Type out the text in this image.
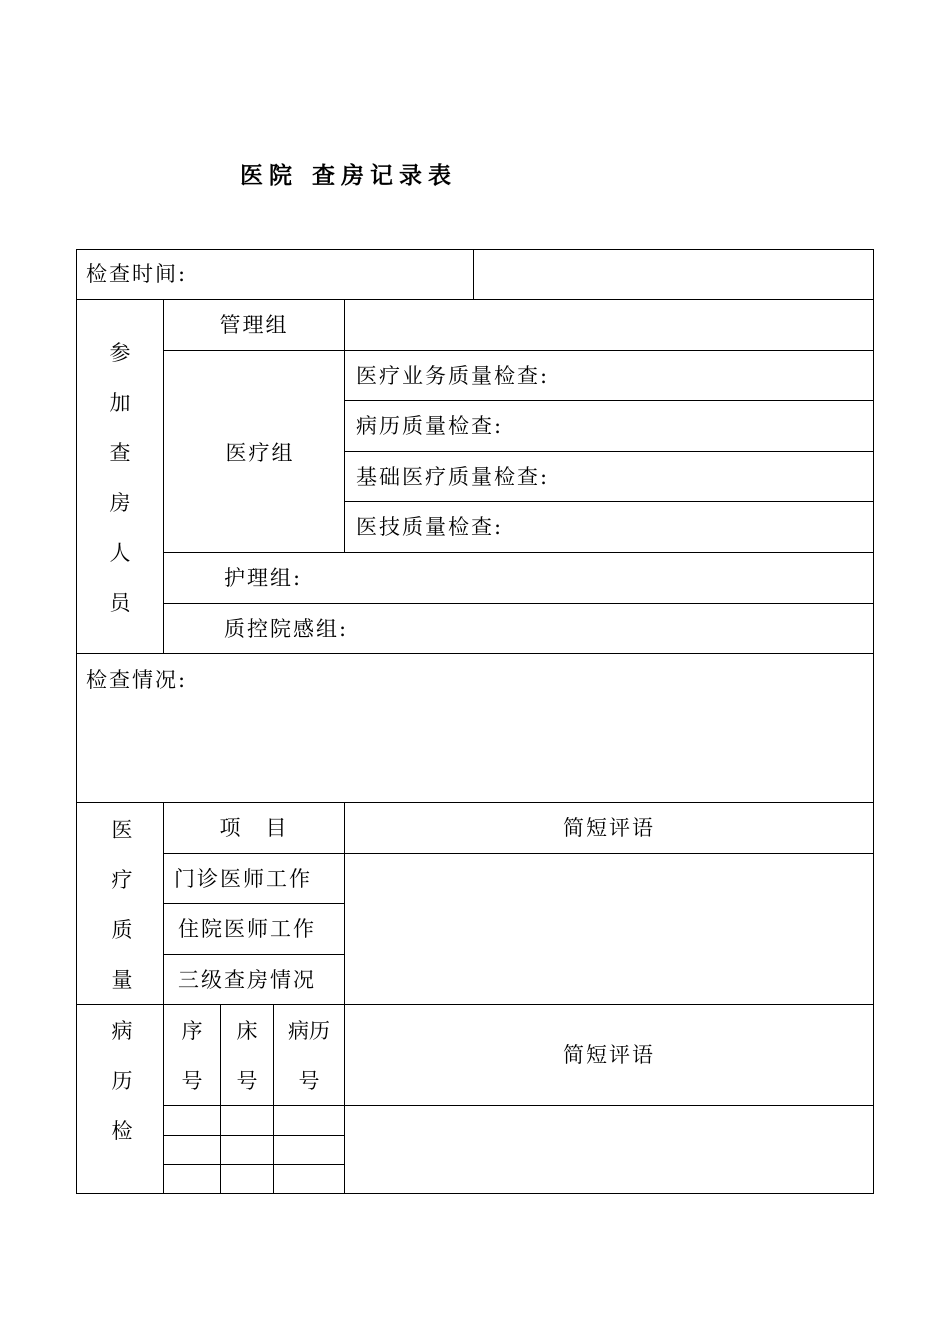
医院 查房记录表
检查时间:
参
加
查
房
人
员
管理组
医疗组
医疗业务质量检查:
病历质量检查:
基础医疗质量检查:
医技质量检查:
护理组:
质控院感组:
检查情况:
医
疗
质
量
项　目	简短评语
门诊医师工作
住院医师工作
三级查房情况
病
历
检
序
号
床
号
病历
号
简短评语
